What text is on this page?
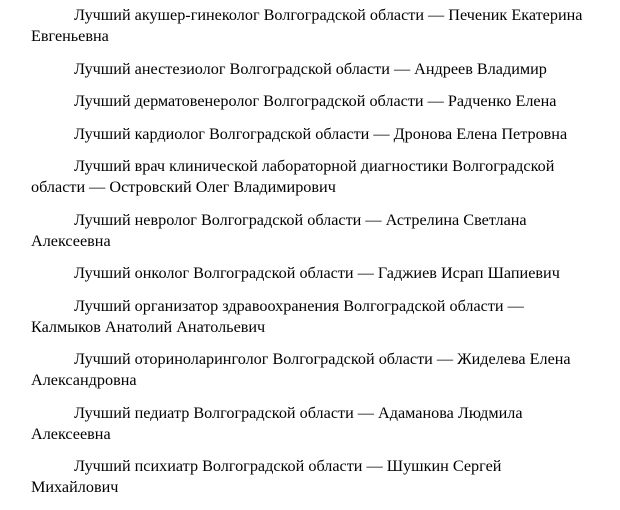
Лучший акушер-гинеколог Волгоградской области — Печеник Екатерина Евгеньевна

Лучший анестезиолог Волгоградской области — Андреев Владимир

Лучший дерматовенеролог Волгоградской области — Радченко Елена

Лучший кардиолог Волгоградской области — Дронова Елена Петровна

Лучший врач клинической лабораторной диагностики Волгоградской области — Островский Олег Владимирович

Лучший невролог Волгоградской области — Астрелина Светлана Алексеевна

Лучший онколог Волгоградской области — Гаджиев Исрап Шапиевич

Лучший организатор здравоохранения Волгоградской области — Калмыков Анатолий Анатольевич

Лучший оториноларинголог Волгоградской области — Жиделева Елена Александровна

Лучший педиатр Волгоградской области — Адаманова Людмила Алексеевна

Лучший психиатр Волгоградской области — Шушкин Сергей Михайлович
